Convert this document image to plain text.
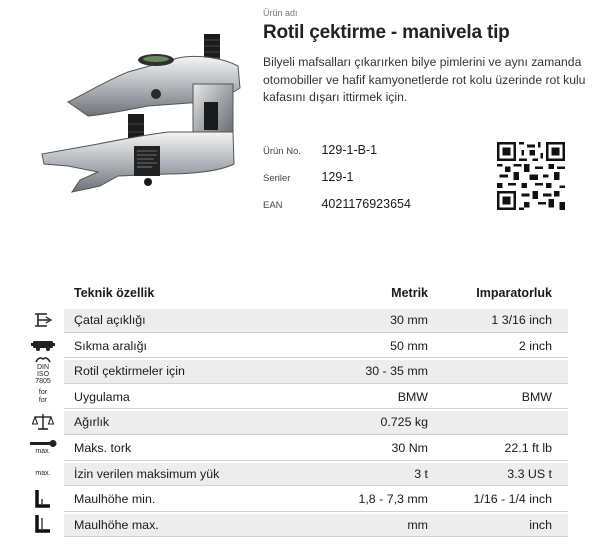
Ürün adı
Rotil çektirme - manivela tip
Bilyeli mafsalları çıkarırken bilye pimlerini ve aynı zamanda otomobiller ve hafif kamyonetlerde rot kolu üzerinde rot kulu kafasını dışarı ittirmek için.
Ürün No. 129-1-B-1
Seriler 129-1
EAN	4021176923654
Teknik özellik	Metrik	Imparatorluk
Çatal açıklığı	30 mm	1 3/16 inch
Sıkma aralığı	50 mm	2 inch
DIN ISO 7805
Rotil çektirmeler için	30 - 35 mm
for
for Uygulama	BMW	BMW
Ağırlık	0.725 kg
max. Maks. tork	30 Nm	22.1 ft lb
max. İzin verilen maksimum yük	3 t	3.3 US t
Maulhöhe min.	1,8 - 7,3 mm	1/16 - 1/4 inch
Maulhöhe max.	mm	inch
